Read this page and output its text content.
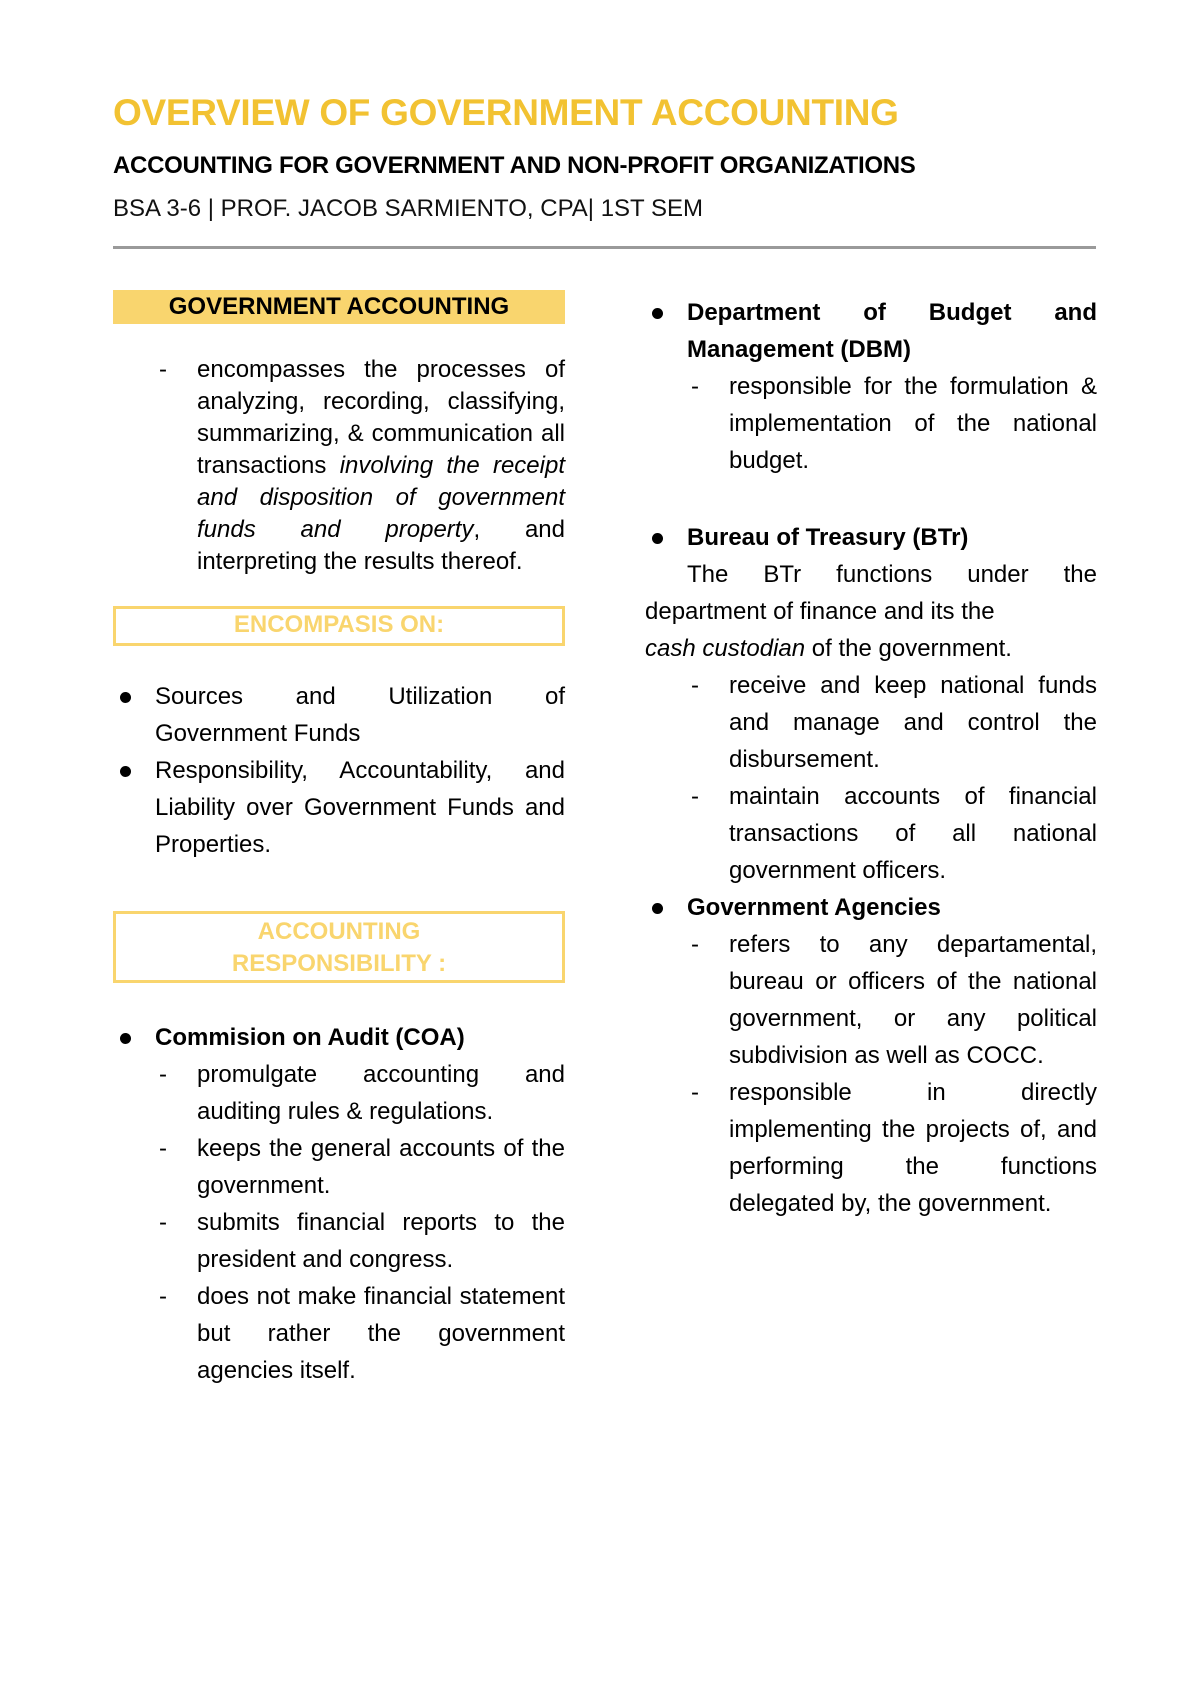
OVERVIEW OF GOVERNMENT ACCOUNTING
ACCOUNTING FOR GOVERNMENT AND NON-PROFIT ORGANIZATIONS
BSA 3-6 | PROF. JACOB SARMIENTO, CPA| 1ST SEM
GOVERNMENT ACCOUNTING
- encompasses the processes of analyzing, recording, classifying, summarizing, & communication all transactions involving the receipt and disposition of government funds and property, and interpreting the results thereof.
ENCOMPASIS ON:
Sources and Utilization of Government Funds
Responsibility, Accountability, and Liability over Government Funds and Properties.
ACCOUNTING
RESPONSIBILITY :
Commision on Audit (COA)
- promulgate accounting and auditing rules & regulations.
- keeps the general accounts of the government.
- submits financial reports to the president and congress.
- does not make financial statement but rather the government agencies itself.
Department of Budget and Management (DBM)
- responsible for the formulation & implementation of the national budget.
Bureau of Treasury (BTr)
The BTr functions under the department of finance and its the
cash custodian of the government.
- receive and keep national funds and manage and control the disbursement.
- maintain accounts of financial transactions of all national government officers.
Government Agencies
- refers to any departamental, bureau or officers of the national government, or any political subdivision as well as COCC.
- responsible in directly implementing the projects of, and performing the functions delegated by, the government.
